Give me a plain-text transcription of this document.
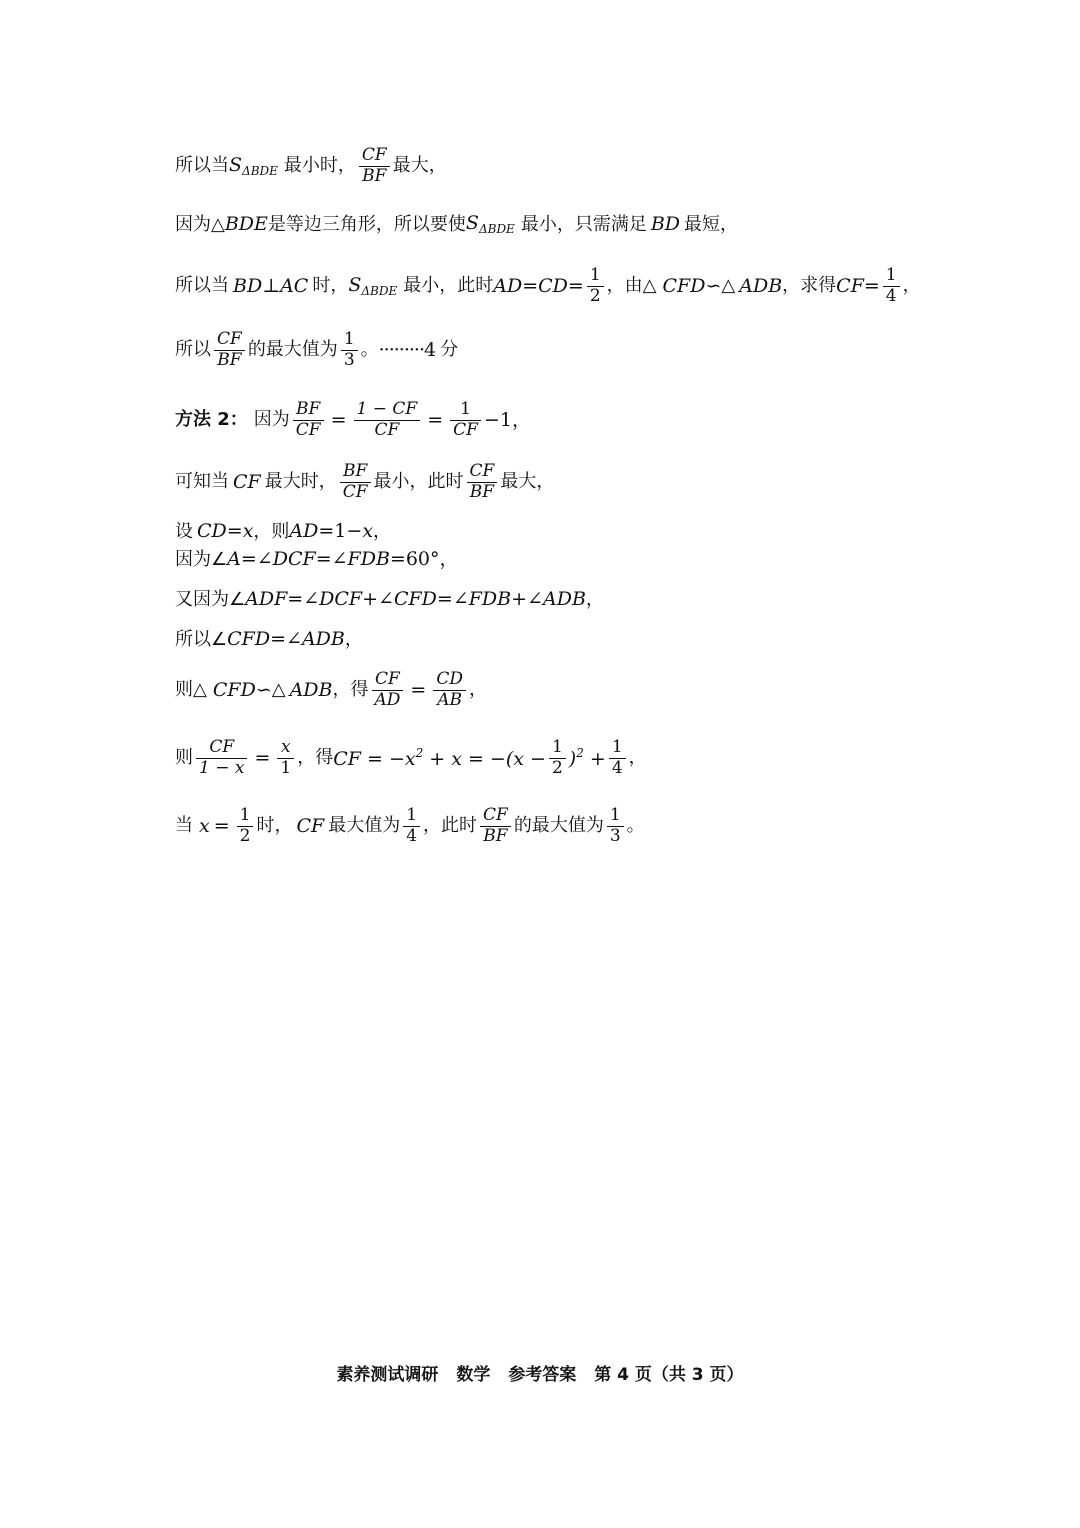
所以当 $S_{\Delta BDE}$ 最小时， $\frac{CF}{BF}$ 最大，
因为△ BDE 是等边三角形，所以要使 $S_{\Delta BDE}$ 最小，只需满足 BD 最短，
所以当 BD ⊥ AC 时， $S_{\Delta BDE}$ 最小，此时 $AD=CD= \frac{1}{2}$ ，由△ CFD ∽ △ ADB ，求得 $CF= \frac{1}{4}$ ，
所以 $\frac{CF}{BF}$ 的最大值为 $\frac{1}{3}$ 。 ········· 4 分
方法 2： 因为 $\frac{BF}{CF} = \frac{1 - CF}{CF} = \frac{1}{CF} -1$，
可知当 CF 最大时， $\frac{BF}{CF}$ 最小，此时 $\frac{CF}{BF}$ 最大，
设 CD = x ，则 AD =1− x ，
因为∠ A =∠ DCF =∠ FDB =60°，
又因为∠ ADF =∠ DCF +∠ CFD =∠ FDB +∠ ADB ，
所以∠ CFD =∠ ADB ，
则△ CFD ∽ △ ADB ，得 $\frac{CF}{AD} = \frac{CD}{AB}$ ，
则 $\frac{CF}{1 - x} = \frac{x}{1}$ ，得 CF = $-x^2 + x = -(x - \frac{1}{2} )^2 + \frac{1}{4}$ ，
当 $x = \frac{1}{2}$ 时， CF 最大值为 $\frac{1}{4}$ ，此时 $\frac{CF}{BF}$ 的最大值为 $\frac{1}{3}$ 。
素养测试调研 数学 参考答案 第 4 页（共 3 页）
